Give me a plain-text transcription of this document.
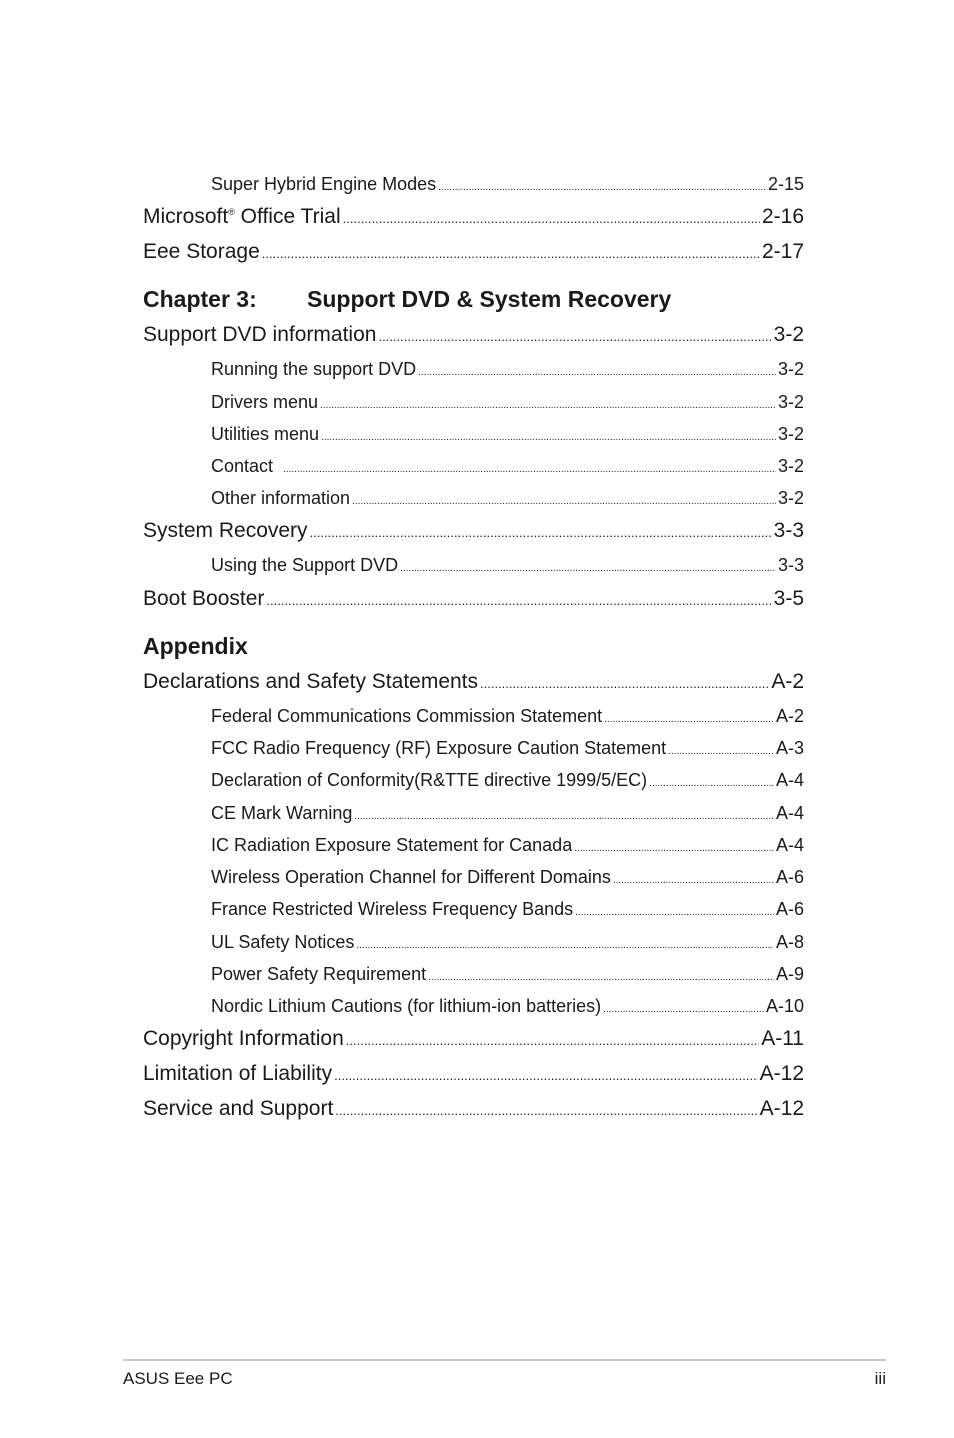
Super Hybrid Engine Modes .....	2-15
Microsoft® Office Trial .....	2-16
Eee Storage .....	2-17
Chapter 3: Support DVD & System Recovery
Support DVD information .....	3-2
Running the support DVD .....	3-2
Drivers menu .....	3-2
Utilities menu .....	3-2
Contact .....	3-2
Other information .....	3-2
System Recovery .....	3-3
Using the Support DVD .....	3-3
Boot Booster .....	3-5
Appendix
Declarations and Safety Statements .....	A-2
Federal Communications Commission Statement .....	A-2
FCC Radio Frequency (RF) Exposure Caution Statement .....	A-3
Declaration of Conformity(R&TTE directive 1999/5/EC) .....	A-4
CE Mark Warning .....	A-4
IC Radiation Exposure Statement for Canada .....	A-4
Wireless Operation Channel for Different Domains .....	A-6
France Restricted Wireless Frequency Bands .....	A-6
UL Safety Notices .....	A-8
Power Safety Requirement .....	A-9
Nordic Lithium Cautions (for lithium-ion batteries) .....	A-10
Copyright Information .....	A-11
Limitation of Liability .....	A-12
Service and Support .....	A-12
ASUS Eee PC	iii
